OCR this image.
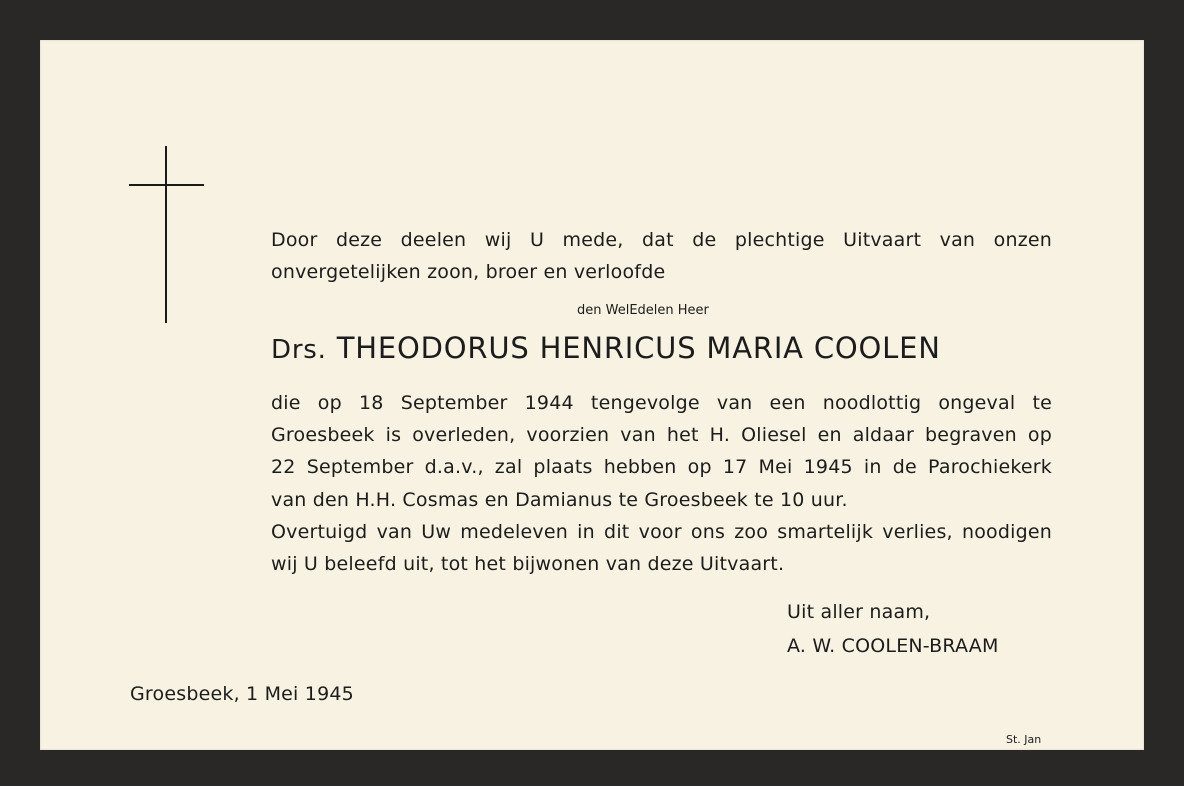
Door deze deelen wij U mede, dat de plechtige Uitvaart van onzen
onvergetelijken zoon, broer en verloofde
den WelEdelen Heer
Drs. THEODORUS HENRICUS MARIA COOLEN
die op 18 September 1944 tengevolge van een noodlottig ongeval te
Groesbeek is overleden, voorzien van het H. Oliesel en aldaar begraven op
22 September d.a.v., zal plaats hebben op 17 Mei 1945 in de Parochiekerk
van den H.H. Cosmas en Damianus te Groesbeek te 10 uur.
Overtuigd van Uw medeleven in dit voor ons zoo smartelijk verlies, noodigen
wij U beleefd uit, tot het bijwonen van deze Uitvaart.
Uit aller naam,
A. W. COOLEN-BRAAM
Groesbeek, 1 Mei 1945
St. Jan
